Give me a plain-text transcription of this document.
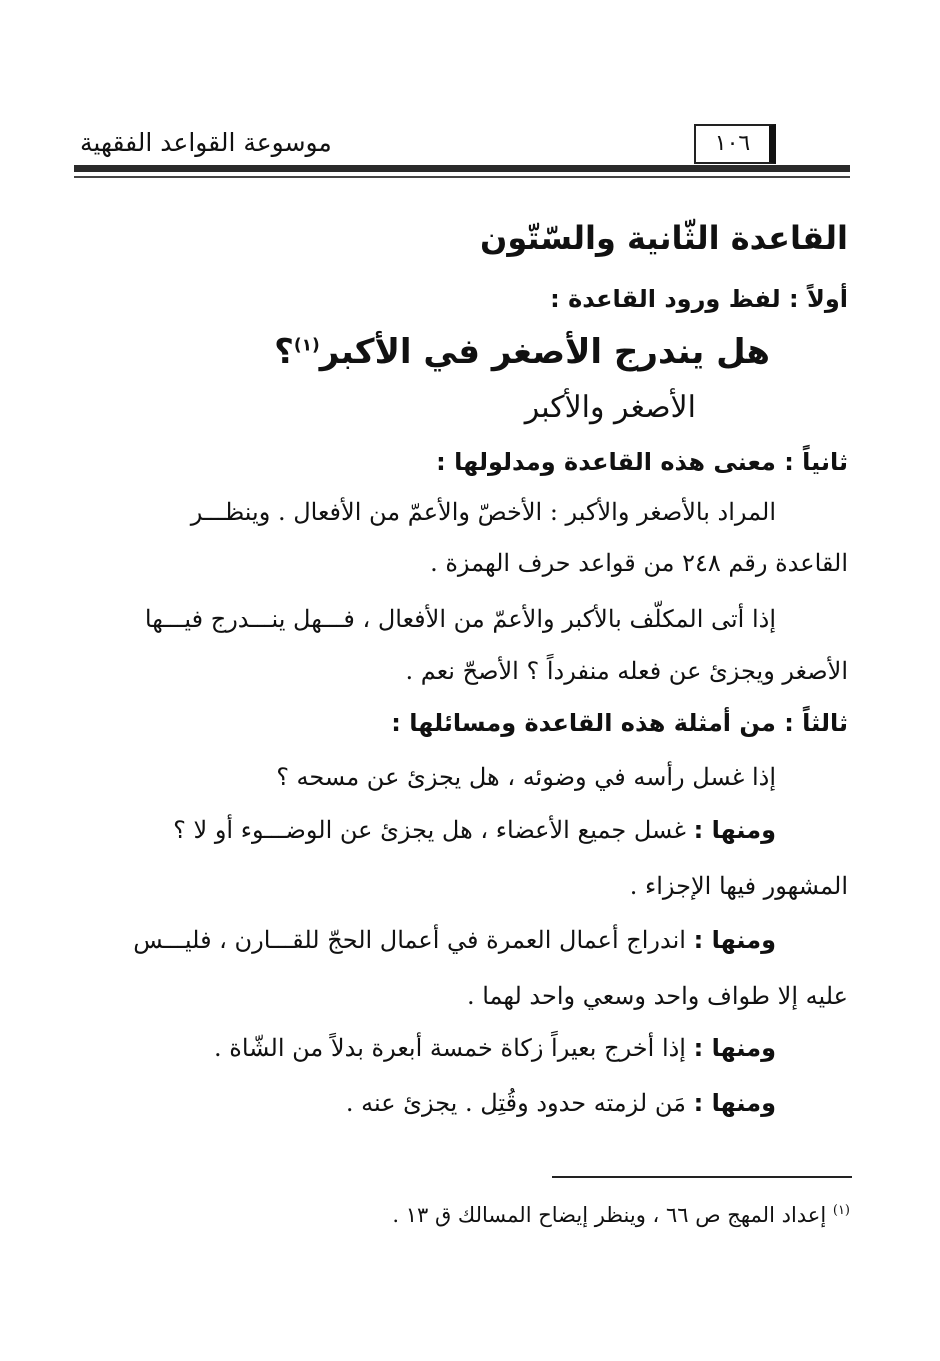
موسوعة القواعد الفقهية	١٠٦
القاعدة الثّانية والسّتّون
أولاً : لفظ ورود القاعدة :
هل يندرج الأصغر في الأكبر$^{(١)}$؟
الأصغر والأكبر
ثانياً : معنى هذه القاعدة ومدلولها :
المراد بالأصغر والأكبر : الأخصّ والأعمّ من الأفعال . وينظـــر
القاعدة رقم ٢٤٨ من قواعد حرف الهمزة .
إذا أتى المكلّف بالأكبر والأعمّ من الأفعال ، فـــهل ينـــدرج فيـــها
الأصغر ويجزئ عن فعله منفرداً ؟ الأصحّ نعم .
ثالثاً : من أمثلة هذه القاعدة ومسائلها :
إذا غسل رأسه في وضوئه ، هل يجزئ عن مسحه ؟
ومنها : غسل جميع الأعضاء ، هل يجزئ عن الوضـــوء أو لا ؟
المشهور فيها الإجزاء .
ومنها : اندراج أعمال العمرة في أعمال الحجّ للقـــارن ، فليـــس
عليه إلا طواف واحد وسعي واحد لهما .
ومنها : إذا أخرج بعيراً زكاة خمسة أبعرة بدلاً من الشّاة .
ومنها : مَن لزمته حدود وقُتِل . يجزئ عنه .
$^{(١)}$ إعداد المهج ص ٦٦ ، وينظر إيضاح المسالك ق ١٣ .
